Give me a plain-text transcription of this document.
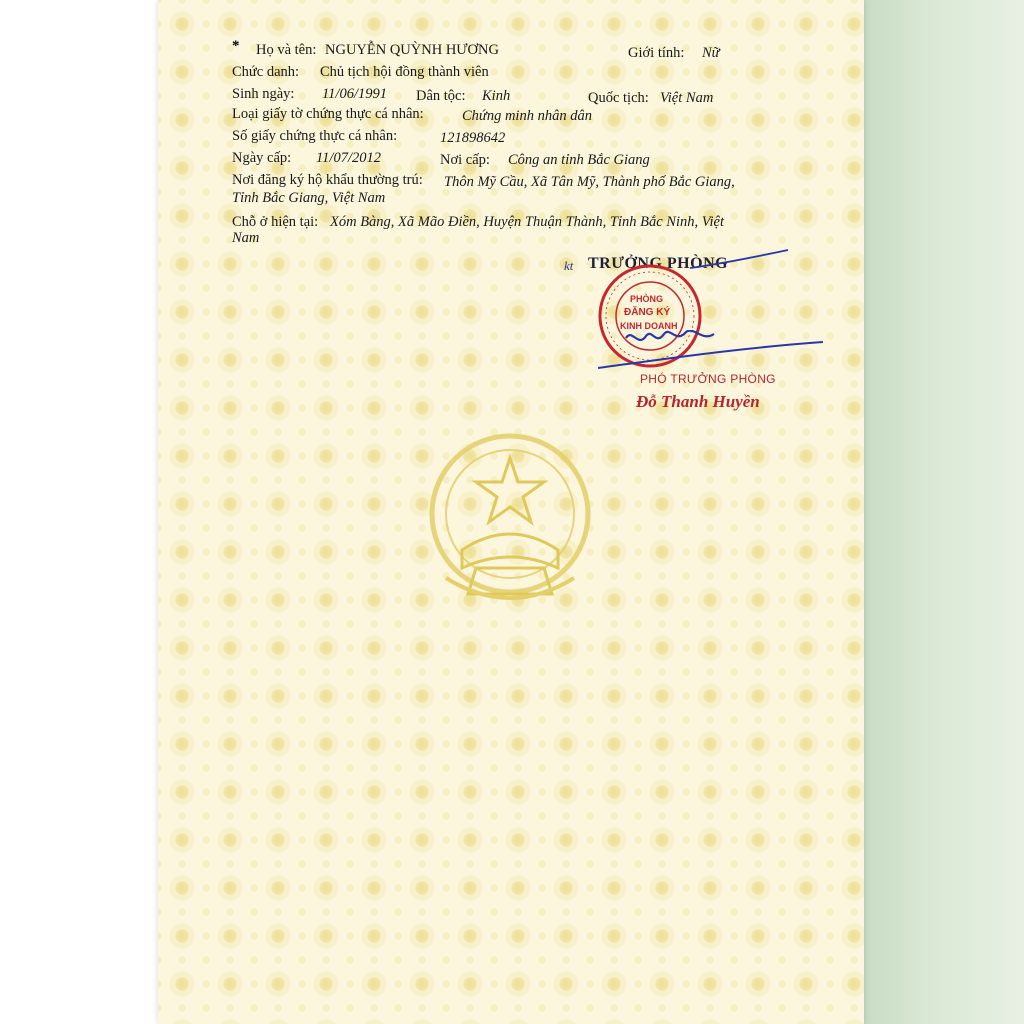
* Họ và tên: NGUYỄN QUỲNH HƯƠNG	Giới tính: Nữ
Chức danh: Chủ tịch hội đồng thành viên
Sinh ngày: 11/06/1991 Dân tộc: Kinh	Quốc tịch: Việt Nam
Loại giấy tờ chứng thực cá nhân:	Chứng minh nhân dân
Số giấy chứng thực cá nhân:	121898642
Ngày cấp: 11/07/2012	Nơi cấp: Công an tỉnh Bắc Giang
Nơi đăng ký hộ khẩu thường trú: Thôn Mỹ Cầu, Xã Tân Mỹ, Thành phố Bắc Giang,
Tỉnh Bắc Giang, Việt Nam
Chỗ ở hiện tại: Xóm Bàng, Xã Mão Điền, Huyện Thuận Thành, Tỉnh Bắc Ninh, Việt
Nam
kt TRƯỞNG PHÒNG
PHÒNG
ĐĂNG KÝ
KINH DOANH
PHÓ TRƯỞNG PHÒNG
Đỗ Thanh Huyền
